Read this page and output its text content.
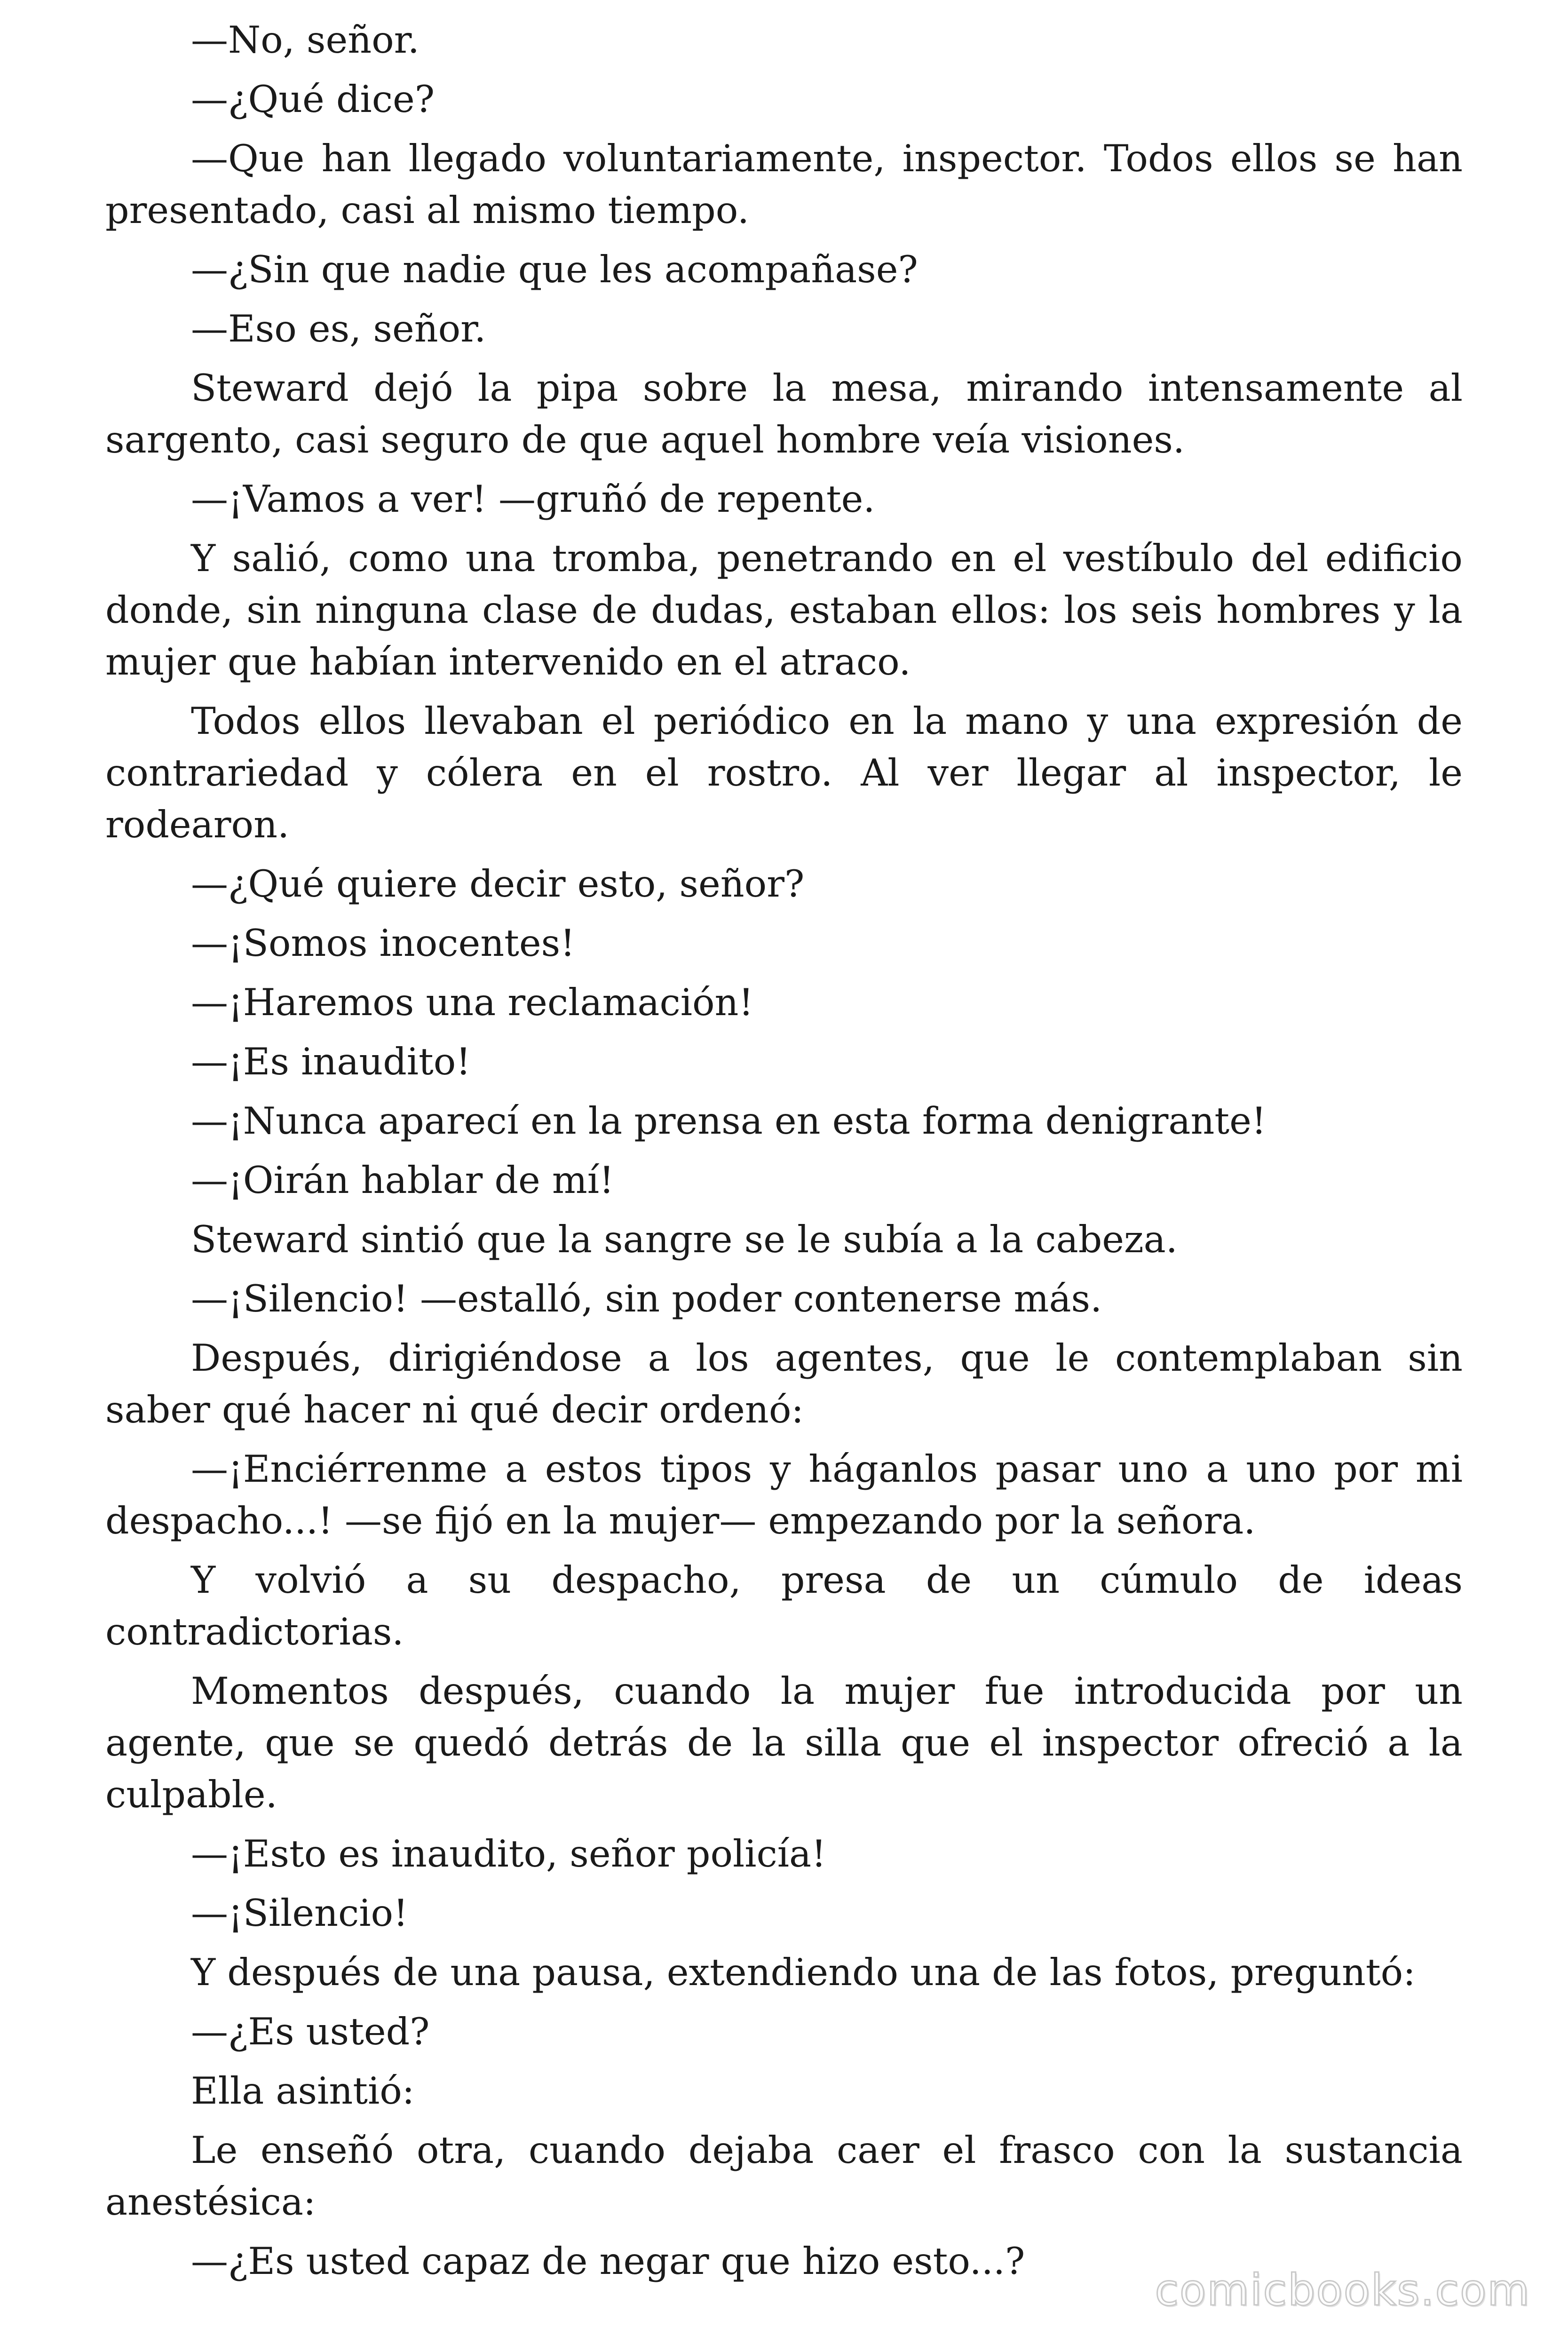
—No, señor.

—¿Qué dice?

—Que han llegado voluntariamente, inspector. Todos ellos se han presentado, casi al mismo tiempo.

—¿Sin que nadie que les acompañase?

—Eso es, señor.

Steward dejó la pipa sobre la mesa, mirando intensamente al sargento, casi seguro de que aquel hombre veía visiones.

—¡Vamos a ver! —gruñó de repente.

Y salió, como una tromba, penetrando en el vestíbulo del edificio donde, sin ninguna clase de dudas, estaban ellos: los seis hombres y la mujer que habían intervenido en el atraco.

Todos ellos llevaban el periódico en la mano y una expresión de contrariedad y cólera en el rostro. Al ver llegar al inspector, le rodearon.

—¿Qué quiere decir esto, señor?

—¡Somos inocentes!

—¡Haremos una reclamación!

—¡Es inaudito!

—¡Nunca aparecí en la prensa en esta forma denigrante!

—¡Oirán hablar de mí!

Steward sintió que la sangre se le subía a la cabeza.

—¡Silencio! —estalló, sin poder contenerse más.

Después, dirigiéndose a los agentes, que le contemplaban sin saber qué hacer ni qué decir ordenó:

—¡Enciérrenme a estos tipos y háganlos pasar uno a uno por mi despacho...! —se fijó en la mujer— empezando por la señora.

Y volvió a su despacho, presa de un cúmulo de ideas contradictorias.

Momentos después, cuando la mujer fue introducida por un agente, que se quedó detrás de la silla que el inspector ofreció a la culpable.

—¡Esto es inaudito, señor policía!

—¡Silencio!

Y después de una pausa, extendiendo una de las fotos, preguntó:

—¿Es usted?

Ella asintió:

Le enseñó otra, cuando dejaba caer el frasco con la sustancia anestésica:

—¿Es usted capaz de negar que hizo esto...?

comicbooks.com
